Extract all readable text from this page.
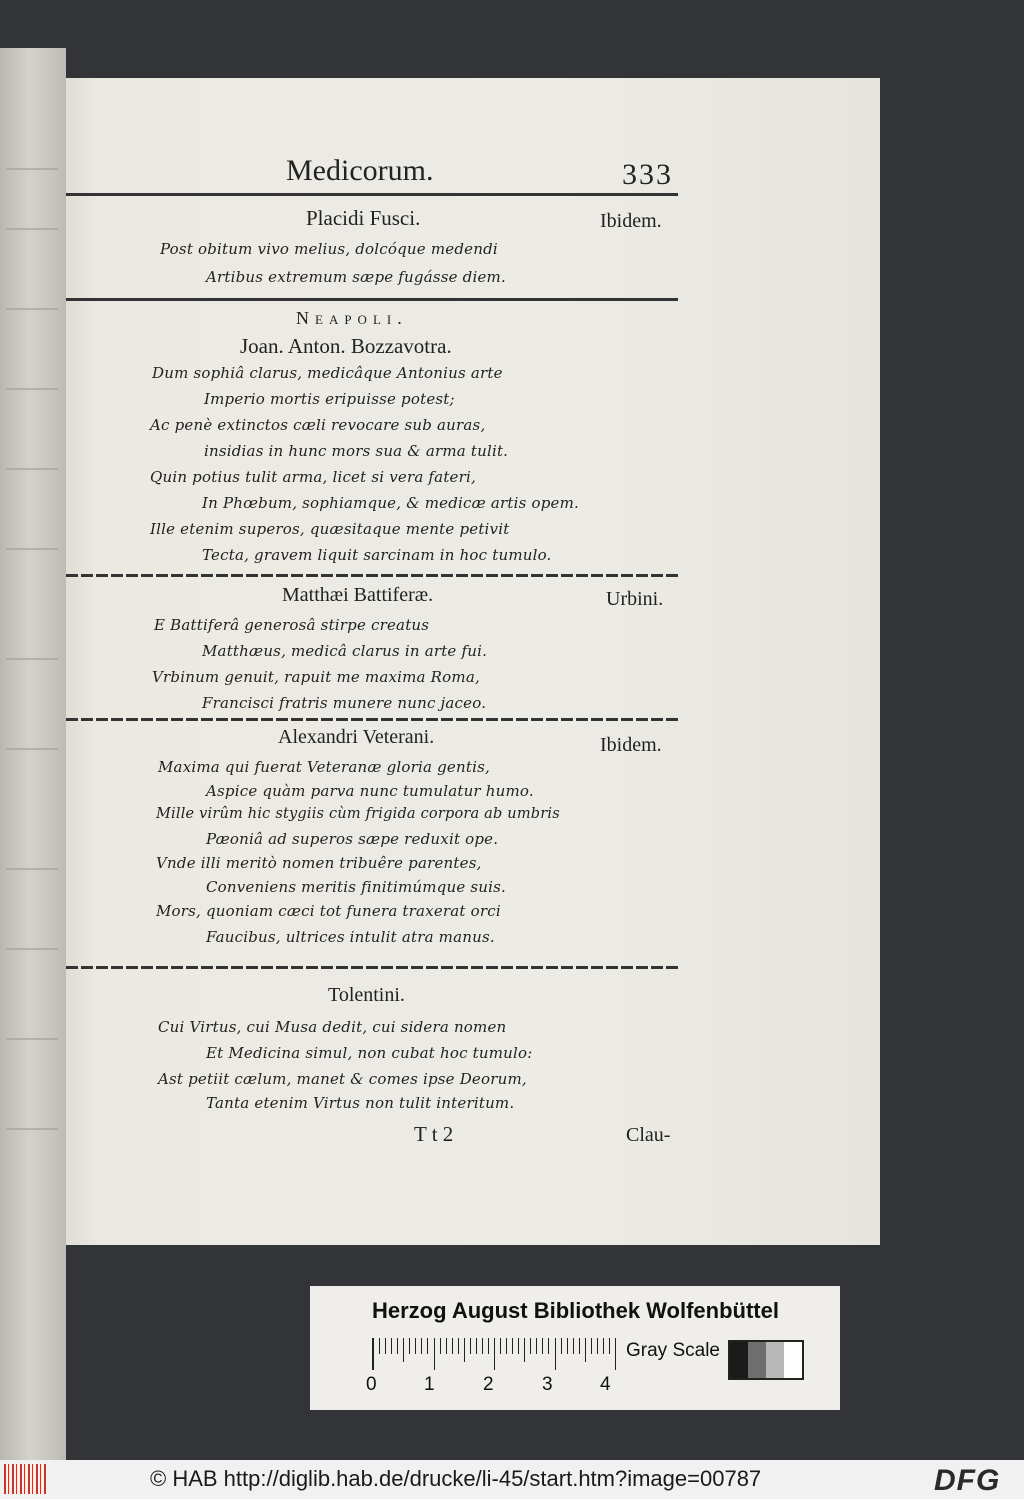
Medicorum.	333
Placidi Fusci.	Ibidem.
Post obitum vivo melius, dolcóque medendi
Artibus extremum sæpe fugásse diem.
Neapoli.
Joan. Anton. Bozzavotra.
Dum sophiâ clarus, medicâque Antonius arte
Imperio mortis eripuisse potest;
Ac penè extinctos cæli revocare sub auras,
insidias in hunc mors sua & arma tulit.
Quin potius tulit arma, licet si vera fateri,
In Phœbum, sophiamque, & medicæ artis opem.
Ille etenim superos, quæsitaque mente petivit
Tecta, gravem liquit sarcinam in hoc tumulo.
Matthæi Battiferæ.	Urbini.
E Battiferâ generosâ stirpe creatus
Matthæus, medicâ clarus in arte fui.
Vrbinum genuit, rapuit me maxima Roma,
Francisci fratris munere nunc jaceo.
Alexandri Veterani.	Ibidem.
Maxima qui fuerat Veteranæ gloria gentis,
Aspice quàm parva nunc tumulatur humo.
Mille virûm hic stygiis cùm frigida corpora ab umbris
Pæoniâ ad superos sæpe reduxit ope.
Vnde illi meritò nomen tribuêre parentes,
Conveniens meritis finitimúmque suis.
Mors, quoniam cæci tot funera traxerat orci
Faucibus, ultrices intulit atra manus.
Tolentini.
Cui Virtus, cui Musa dedit, cui sidera nomen
Et Medicina simul, non cubat hoc tumulo:
Ast petiit cælum, manet & comes ipse Deorum,
Tanta etenim Virtus non tulit interitum.
T t 2	Clau-
Herzog August Bibliothek Wolfenbüttel
0 1	2	3 4
Gray Scale
© HAB http://diglib.hab.de/drucke/li-45/start.htm?image=00787	DFG
